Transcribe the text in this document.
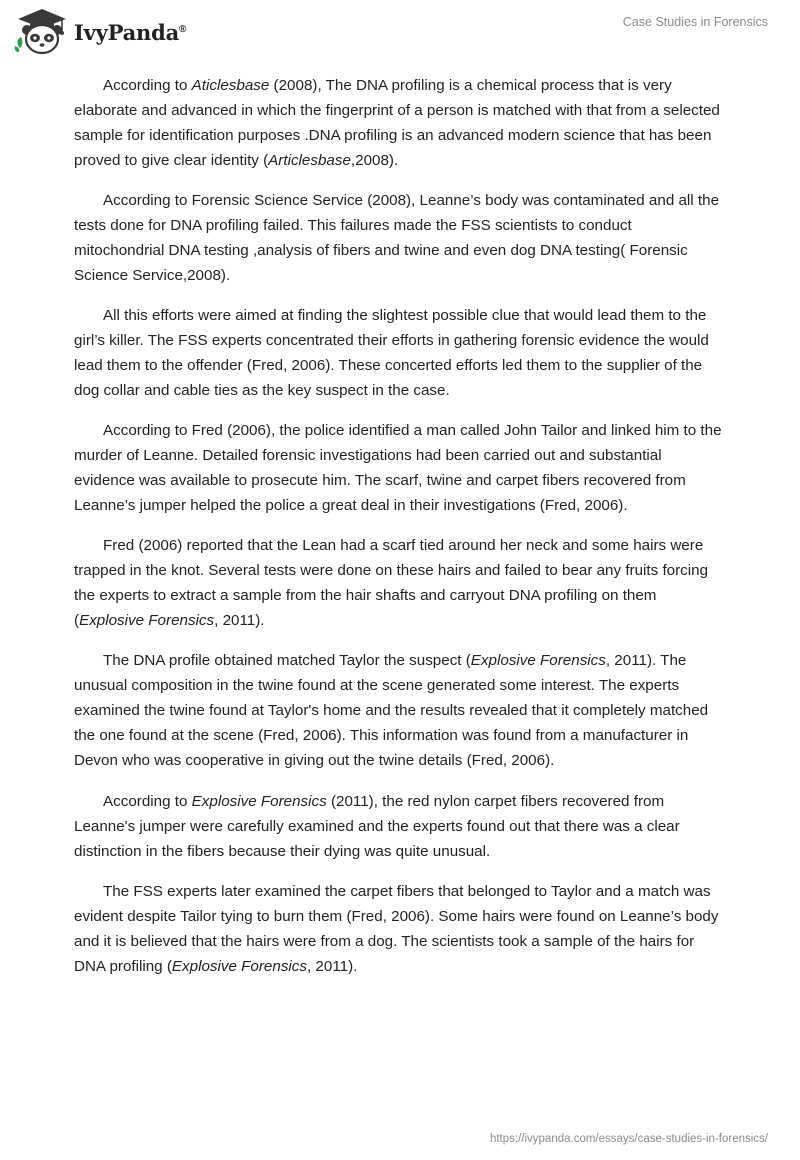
IvyPanda®	Case Studies in Forensics

According to Aticlesbase (2008), The DNA profiling is a chemical process that is very elaborate and advanced in which the fingerprint of a person is matched with that from a selected sample for identification purposes .DNA profiling is an advanced modern science that has been proved to give clear identity (Articlesbase,2008).

According to Forensic Science Service (2008), Leanne’s body was contaminated and all the tests done for DNA profiling failed. This failures made the FSS scientists to conduct mitochondrial DNA testing ,analysis of fibers and twine and even dog DNA testing( Forensic Science Service,2008).

All this efforts were aimed at finding the slightest possible clue that would lead them to the girl’s killer. The FSS experts concentrated their efforts in gathering forensic evidence the would lead them to the offender (Fred, 2006). These concerted efforts led them to the supplier of the dog collar and cable ties as the key suspect in the case.

According to Fred (2006), the police identified a man called John Tailor and linked him to the murder of Leanne. Detailed forensic investigations had been carried out and substantial evidence was available to prosecute him. The scarf, twine and carpet fibers recovered from Leanne’s jumper helped the police a great deal in their investigations (Fred, 2006).

Fred (2006) reported that the Lean had a scarf tied around her neck and some hairs were trapped in the knot. Several tests were done on these hairs and failed to bear any fruits forcing the experts to extract a sample from the hair shafts and carryout DNA profiling on them (Explosive Forensics, 2011).

The DNA profile obtained matched Taylor the suspect (Explosive Forensics, 2011). The unusual composition in the twine found at the scene generated some interest. The experts examined the twine found at Taylor's home and the results revealed that it completely matched the one found at the scene (Fred, 2006). This information was found from a manufacturer in Devon who was cooperative in giving out the twine details (Fred, 2006).

According to Explosive Forensics (2011), the red nylon carpet fibers recovered from Leanne's jumper were carefully examined and the experts found out that there was a clear distinction in the fibers because their dying was quite unusual.

The FSS experts later examined the carpet fibers that belonged to Taylor and a match was evident despite Tailor tying to burn them (Fred, 2006). Some hairs were found on Leanne’s body and it is believed that the hairs were from a dog. The scientists took a sample of the hairs for DNA profiling (Explosive Forensics, 2011).

https://ivypanda.com/essays/case-studies-in-forensics/
